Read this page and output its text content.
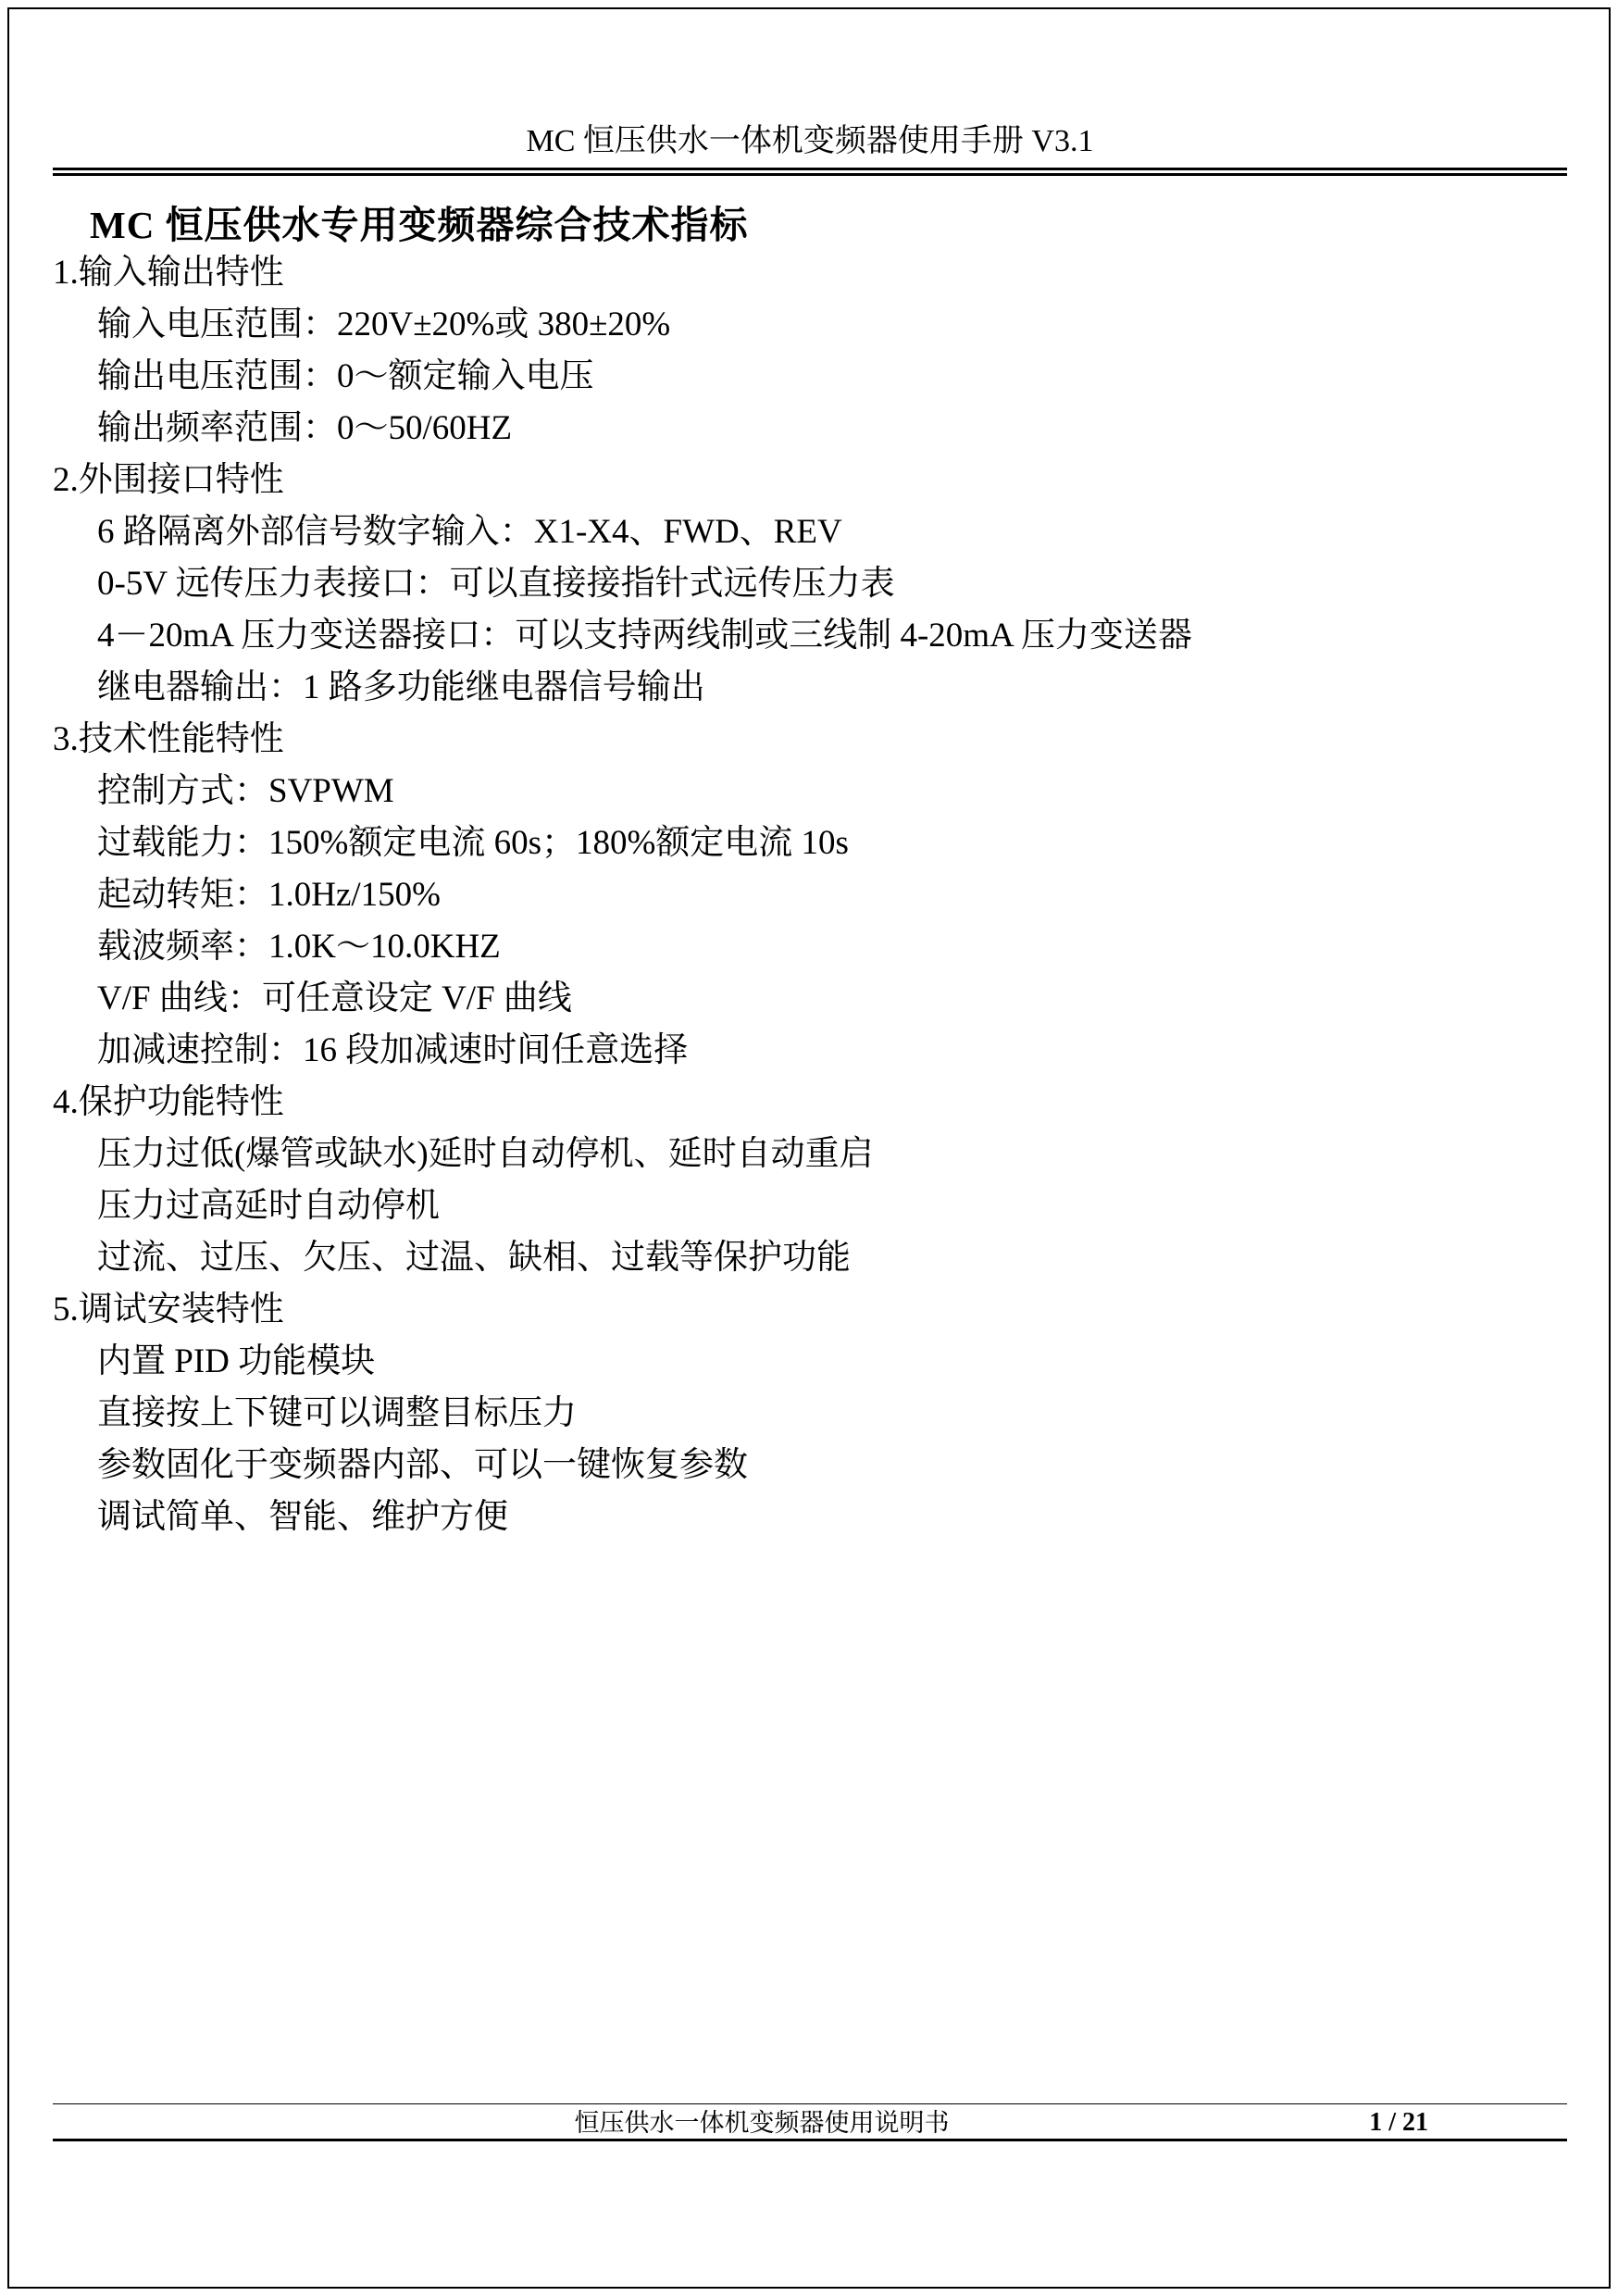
MC 恒压供水一体机变频器使用手册 V3.1
MC 恒压供水专用变频器综合技术指标
1.输入输出特性
输入电压范围：220V±20%或 380±20%
输出电压范围：0～额定输入电压
输出频率范围：0～50/60HZ
2.外围接口特性
6 路隔离外部信号数字输入：X1-X4、FWD、REV
0-5V 远传压力表接口：可以直接接指针式远传压力表
4－20mA 压力变送器接口：可以支持两线制或三线制 4-20mA 压力变送器
继电器输出：1 路多功能继电器信号输出
3.技术性能特性
控制方式：SVPWM
过载能力：150%额定电流 60s；180%额定电流 10s
起动转矩：1.0Hz/150%
载波频率：1.0K～10.0KHZ
V/F 曲线：可任意设定 V/F 曲线
加减速控制：16 段加减速时间任意选择
4.保护功能特性
压力过低(爆管或缺水)延时自动停机、延时自动重启
压力过高延时自动停机
过流、过压、欠压、过温、缺相、过载等保护功能
5.调试安装特性
内置 PID 功能模块
直接按上下键可以调整目标压力
参数固化于变频器内部、可以一键恢复参数
调试简单、智能、维护方便
恒压供水一体机变频器使用说明书	1 / 21
